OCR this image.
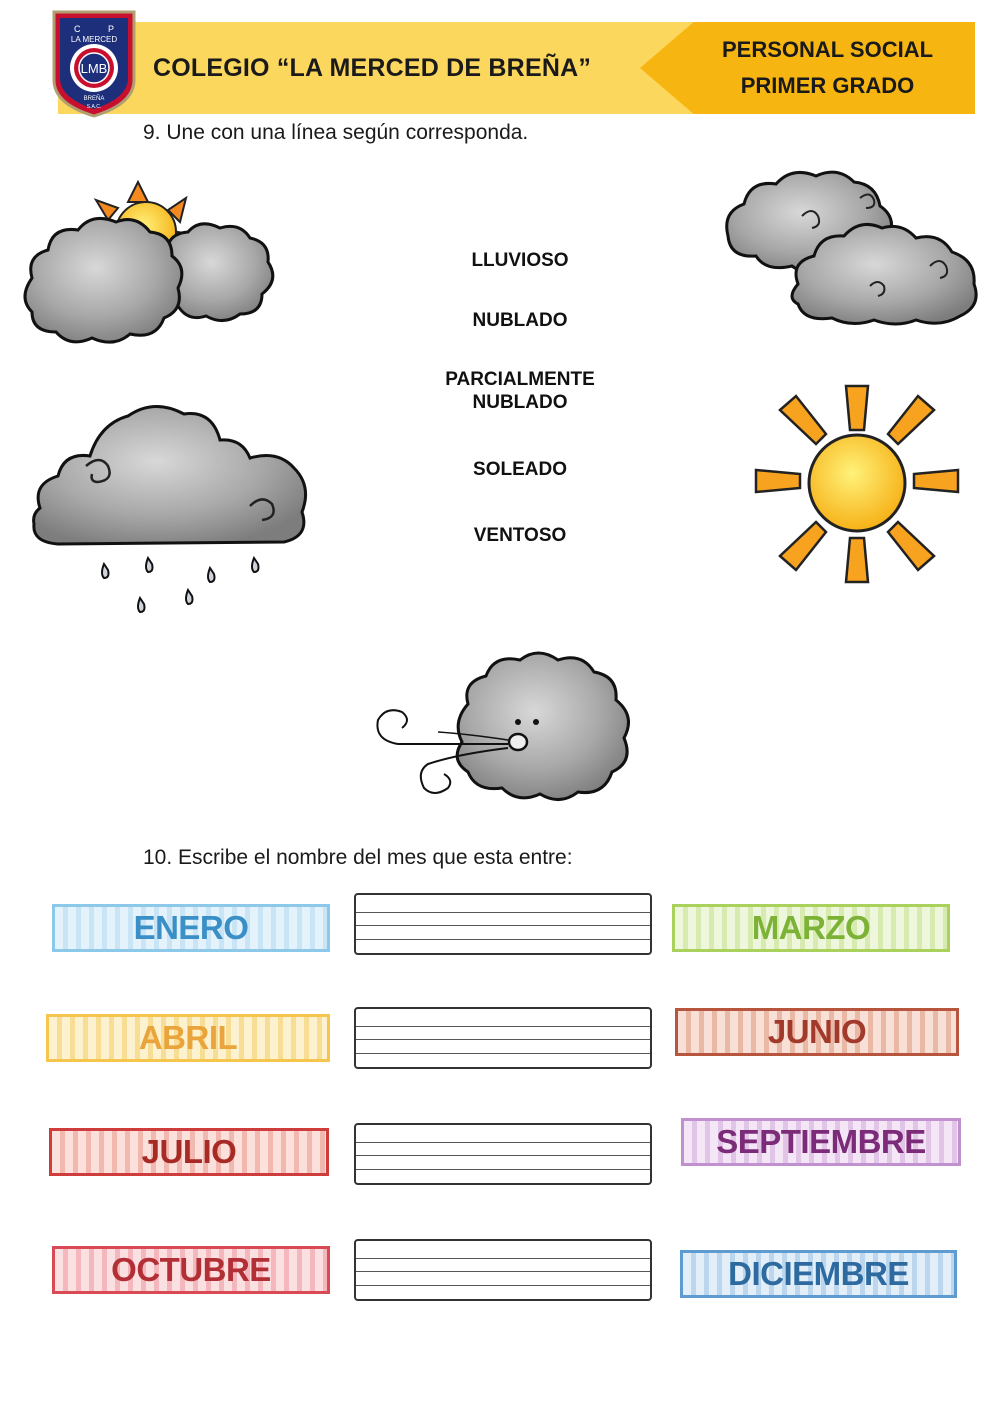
PERSONAL SOCIAL
PRIMER GRADO
COLEGIO “LA MERCED DE BREÑA”
LMB
LA MERCED
C	P
BREÑA
S.A.C.
9. Une con una línea según corresponda.
LLUVIOSO
NUBLADO
PARCIALMENTE
NUBLADO
SOLEADO
VENTOSO
10. Escribe el nombre del mes que esta entre:
ENERO	MARZO
ABRIL	JUNIO
JULIO	SEPTIEMBRE
OCTUBRE	DICIEMBRE
